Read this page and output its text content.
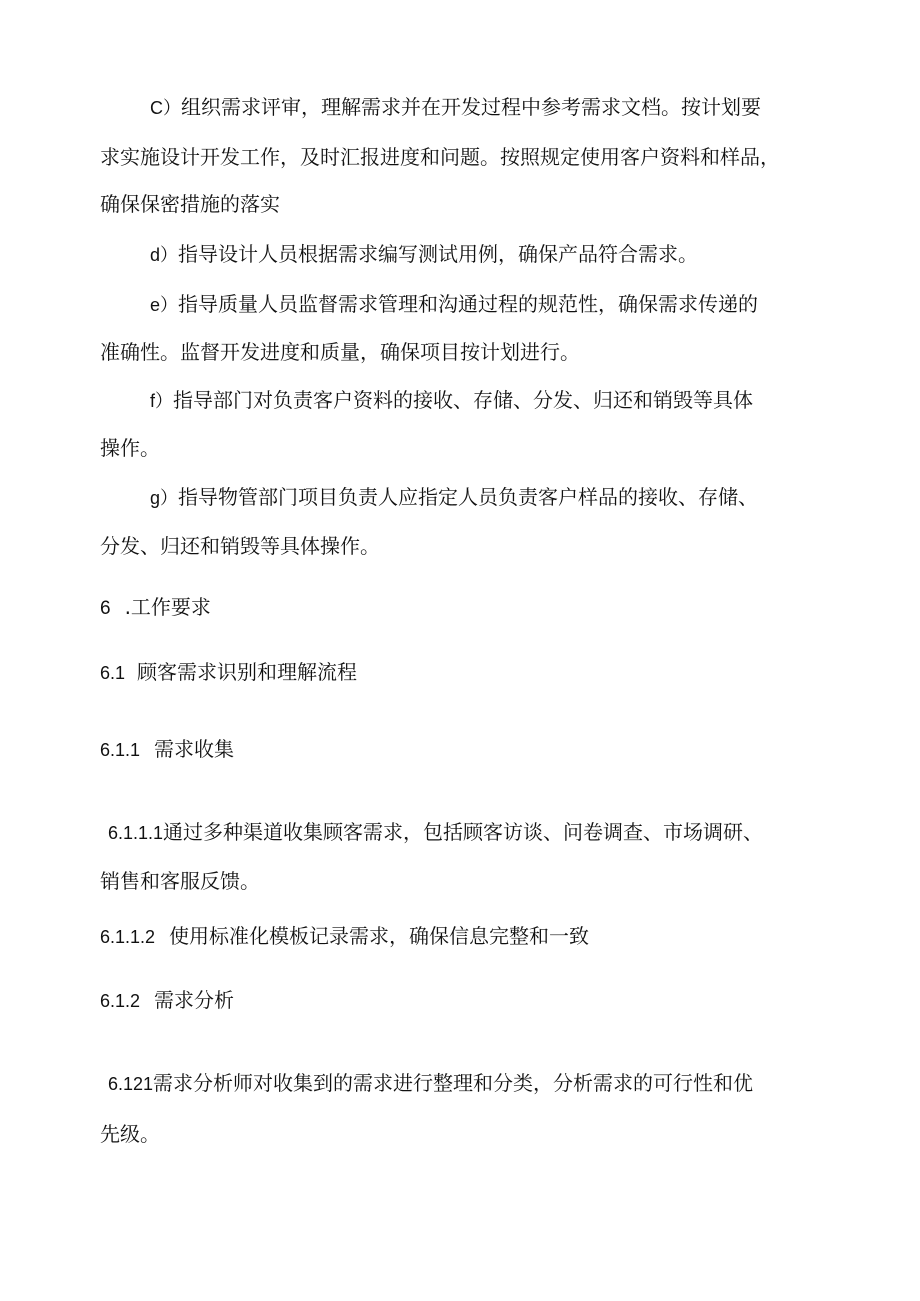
C）组织需求评审，理解需求并在开发过程中参考需求文档。按计划要
求实施设计开发工作，及时汇报进度和问题。按照规定使用客户资料和样品，
确保保密措施的落实
d）指导设计人员根据需求编写测试用例，确保产品符合需求。
e）指导质量人员监督需求管理和沟通过程的规范性，确保需求传递的
准确性。监督开发进度和质量，确保项目按计划进行。
f）指导部门对负责客户资料的接收、存储、分发、归还和销毁等具体
操作。
g）指导物管部门项目负责人应指定人员负责客户样品的接收、存储、
分发、归还和销毁等具体操作。
6 .工作要求
6.1 顾客需求识别和理解流程
6.1.1 需求收集
6.1.1.1通过多种渠道收集顾客需求，包括顾客访谈、问卷调查、市场调研、
销售和客服反馈。
6.1.1.2 使用标准化模板记录需求，确保信息完整和一致
6.1.2 需求分析
6.121需求分析师对收集到的需求进行整理和分类，分析需求的可行性和优
先级。
